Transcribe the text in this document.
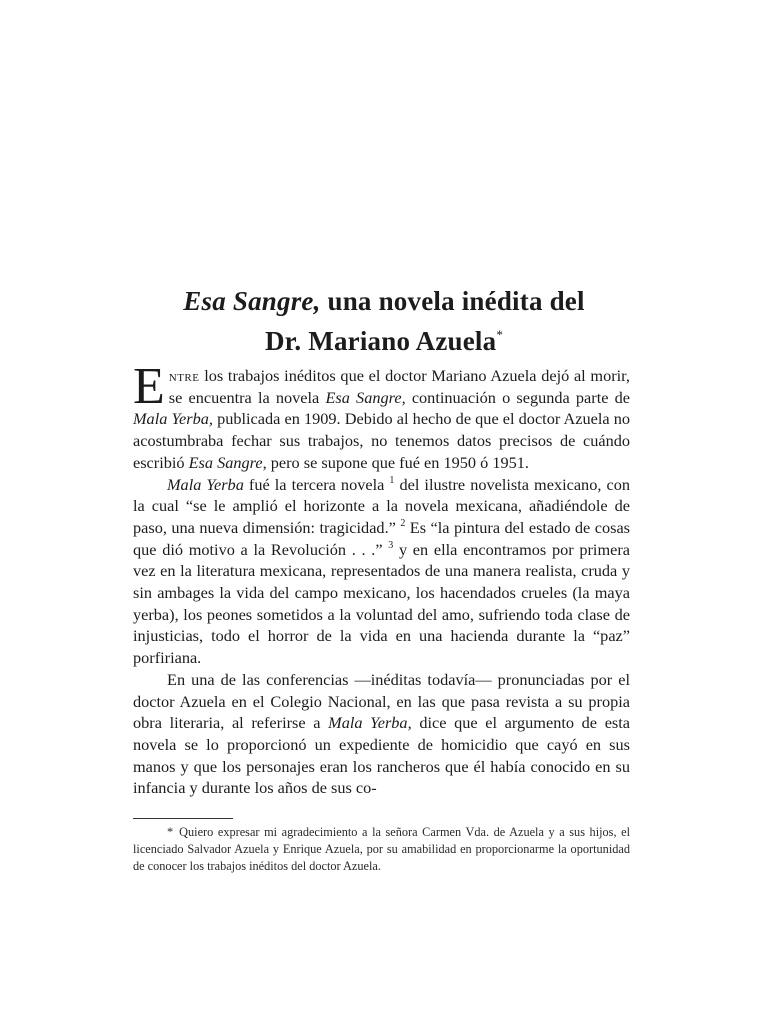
Esa Sangre, una novela inédita del
Dr. Mariano Azuela*

Entre los trabajos inéditos que el doctor Mariano Azuela dejó al morir, se encuentra la novela Esa Sangre, continuación o segunda parte de Mala Yerba, publicada en 1909. Debido al hecho de que el doctor Azuela no acostumbraba fechar sus trabajos, no tenemos datos precisos de cuándo escribió Esa Sangre, pero se supone que fué en 1950 ó 1951.

Mala Yerba fué la tercera novela $^1$ del ilustre novelista mexicano, con la cual “se le amplió el horizonte a la novela mexicana, añadiéndole de paso, una nueva dimensión: tragicidad.” $^2$ Es “la pintura del estado de cosas que dió motivo a la Revolución . . .” $^3$ y en ella encontramos por primera vez en la literatura mexicana, representados de una manera realista, cruda y sin ambages la vida del campo mexicano, los hacendados crueles (la maya yerba), los peones sometidos a la voluntad del amo, sufriendo toda clase de injusticias, todo el horror de la vida en una hacienda durante la “paz” porfiriana.

En una de las conferencias —inéditas todavía— pronunciadas por el doctor Azuela en el Colegio Nacional, en las que pasa revista a su propia obra literaria, al referirse a Mala Yerba, dice que el argumento de esta novela se lo proporcionó un expediente de homicidio que cayó en sus manos y que los personajes eran los rancheros que él había conocido en su infancia y durante los años de sus co-

* Quiero expresar mi agradecimiento a la señora Carmen Vda. de Azuela y a sus hijos, el licenciado Salvador Azuela y Enrique Azuela, por su amabilidad en proporcionarme la oportunidad de conocer los trabajos inéditos del doctor Azuela.
